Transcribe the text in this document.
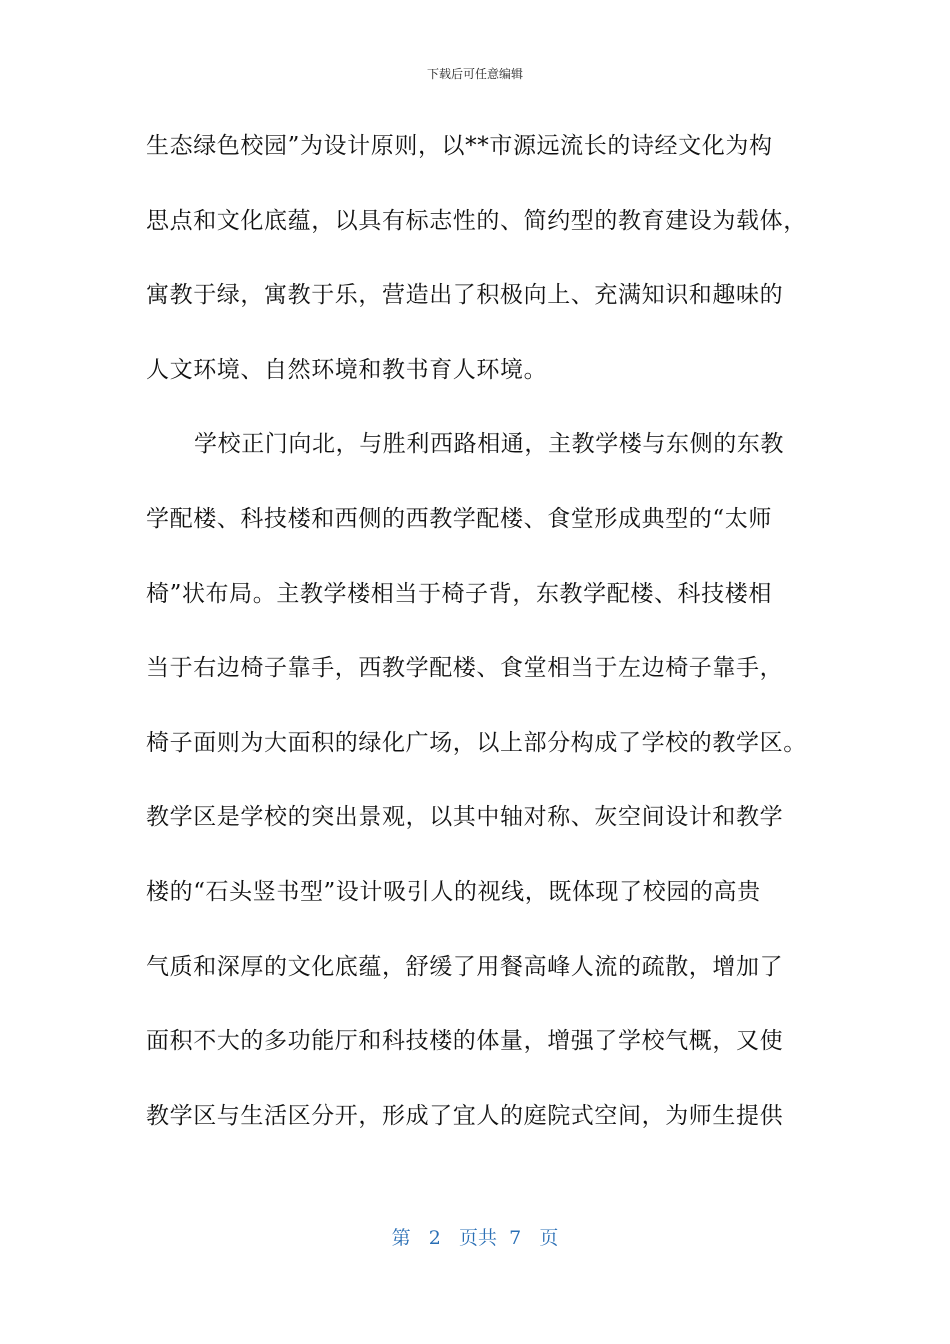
下载后可任意编辑
生态绿色校园”为设计原则，以**市源远流长的诗经文化为构
思点和文化底蕴，以具有标志性的、简约型的教育建设为载体，
寓教于绿，寓教于乐，营造出了积极向上、充满知识和趣味的
人文环境、自然环境和教书育人环境。
学校正门向北，与胜利西路相通，主教学楼与东侧的东教
学配楼、科技楼和西侧的西教学配楼、食堂形成典型的“太师
椅”状布局。主教学楼相当于椅子背，东教学配楼、科技楼相
当于右边椅子靠手，西教学配楼、食堂相当于左边椅子靠手，
椅子面则为大面积的绿化广场，以上部分构成了学校的教学区。
教学区是学校的突出景观，以其中轴对称、灰空间设计和教学
楼的“石头竖书型”设计吸引人的视线，既体现了校园的高贵
气质和深厚的文化底蕴，舒缓了用餐高峰人流的疏散，增加了
面积不大的多功能厅和科技楼的体量，增强了学校气概，又使
教学区与生活区分开，形成了宜人的庭院式空间，为师生提供
第 2 页共 7 页
